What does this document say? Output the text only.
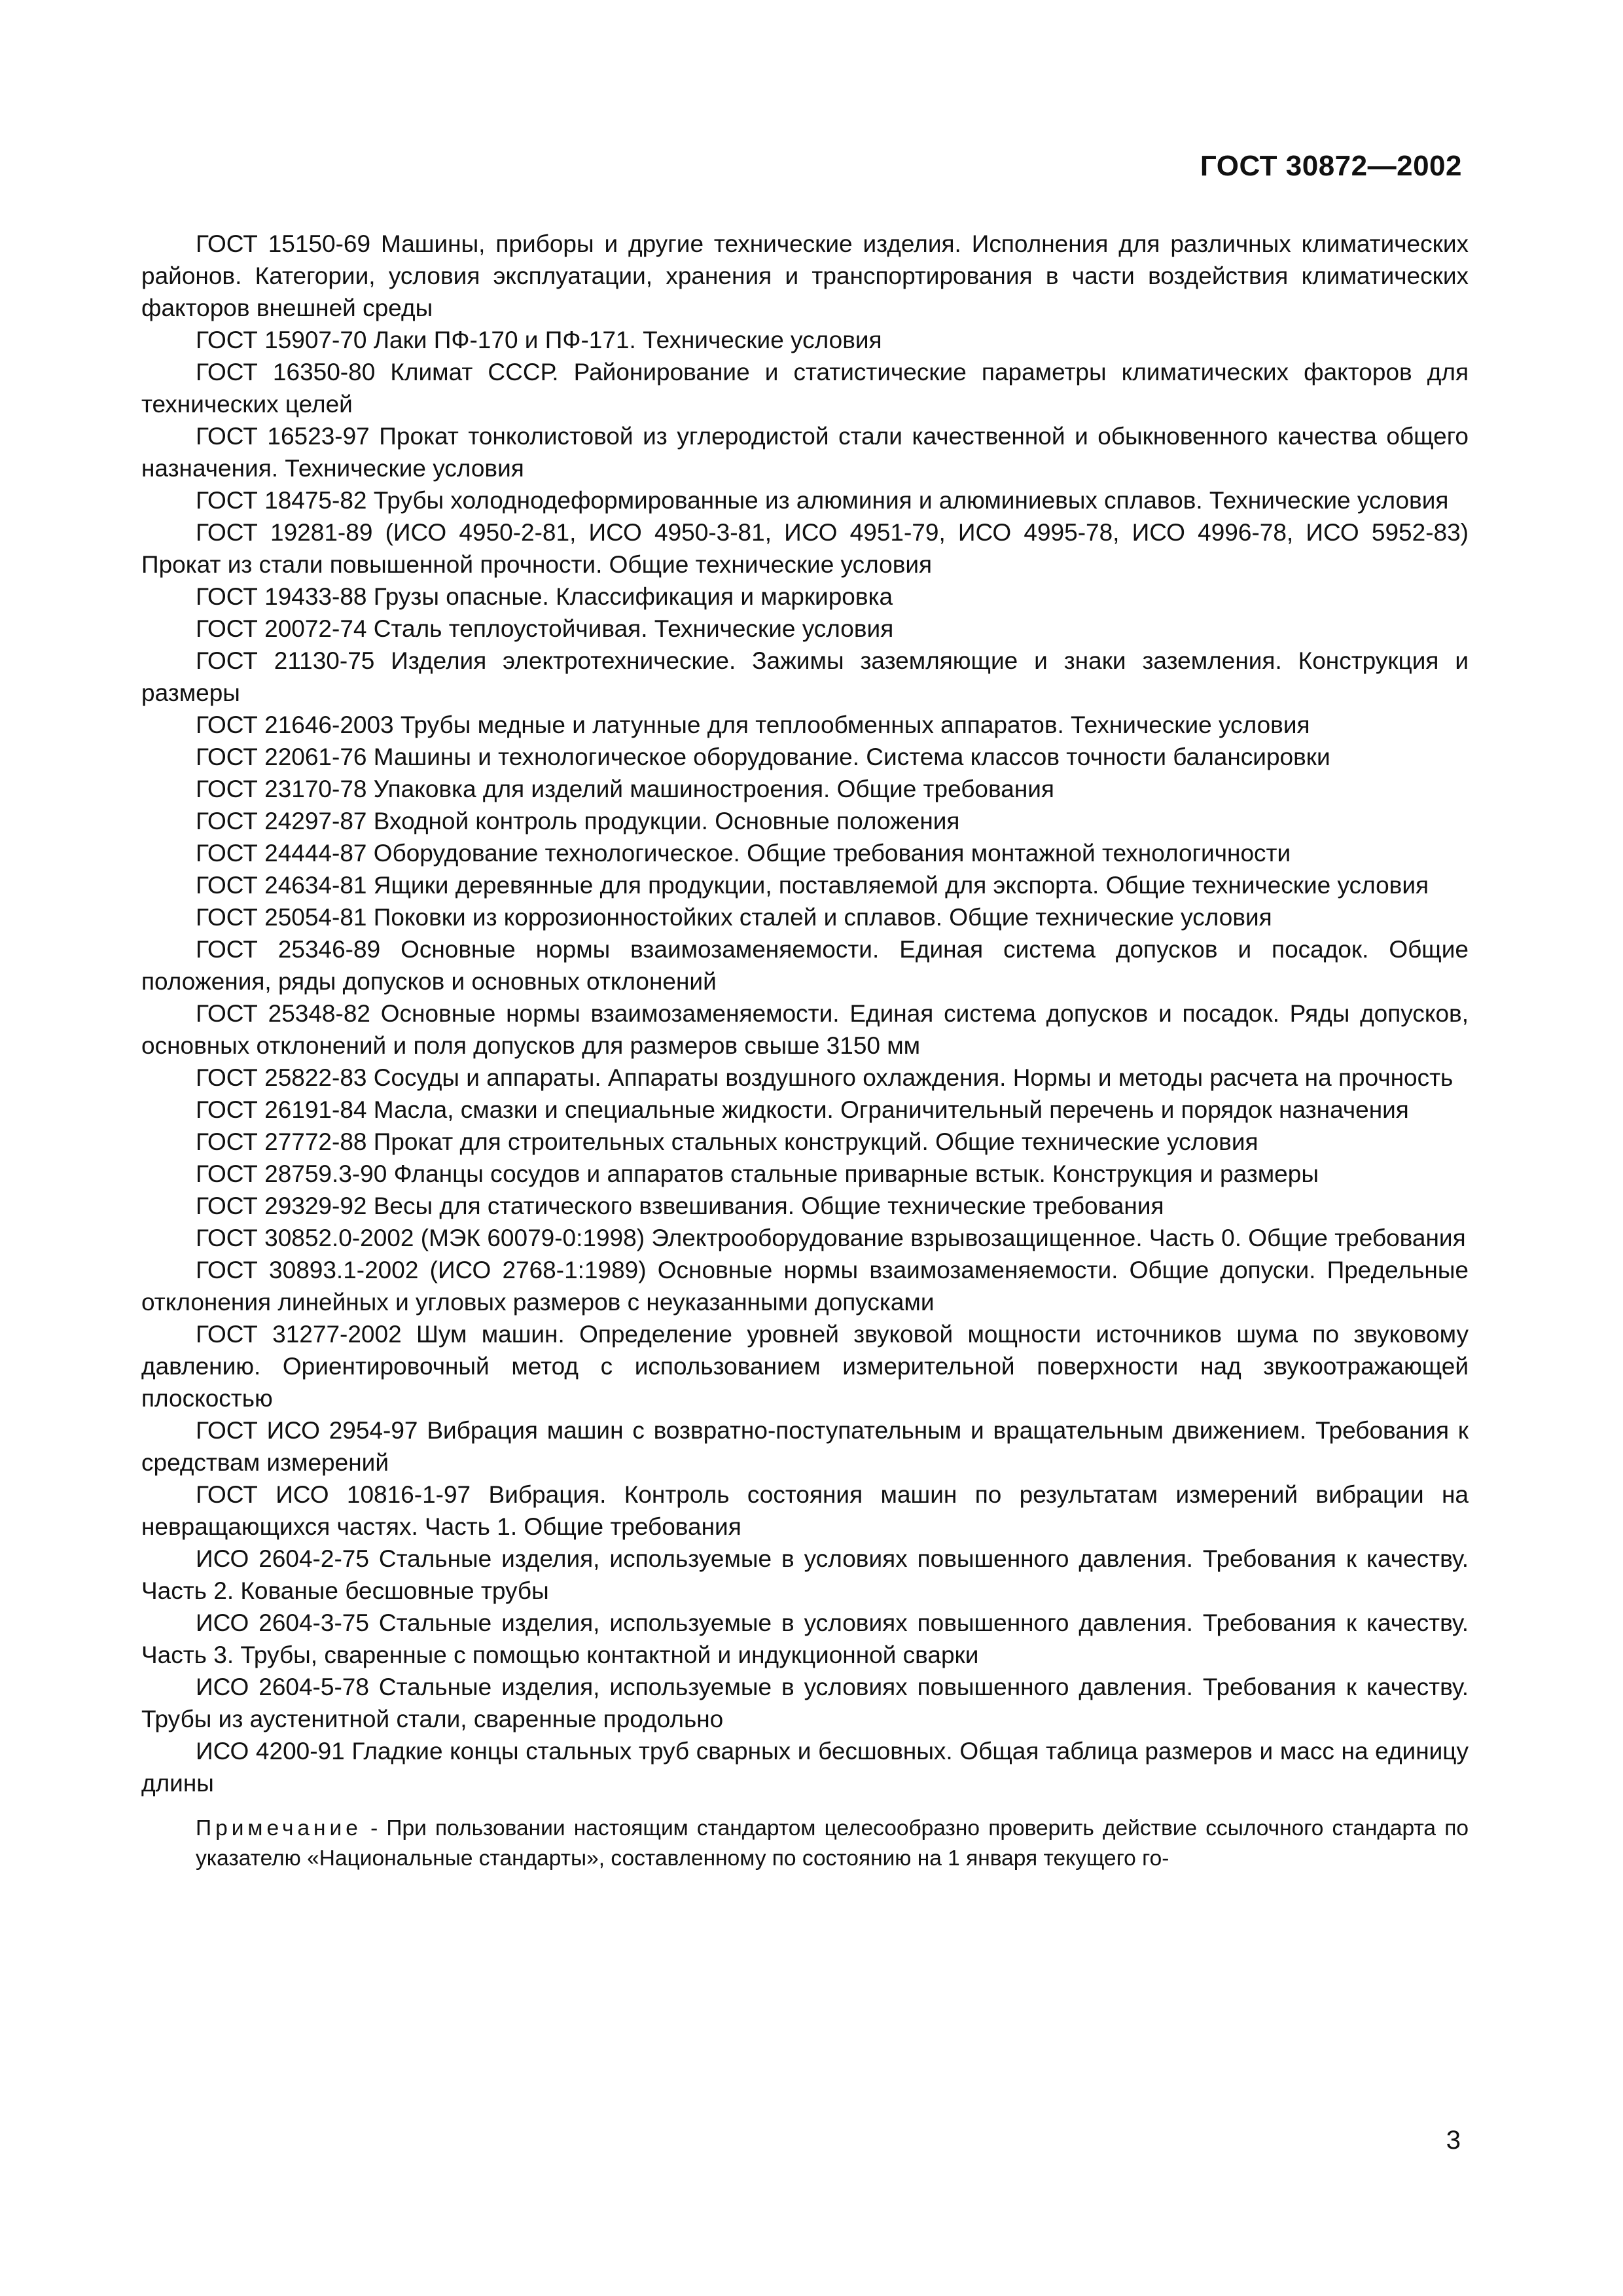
ГОСТ 30872—2002

ГОСТ 15150-69 Машины, приборы и другие технические изделия. Исполнения для различных климатических районов. Категории, условия эксплуатации, хранения и транспортирования в части воздействия климатических факторов внешней среды

ГОСТ 15907-70 Лаки ПФ-170 и ПФ-171. Технические условия

ГОСТ 16350-80 Климат СССР. Районирование и статистические параметры климатических факторов для технических целей

ГОСТ 16523-97 Прокат тонколистовой из углеродистой стали качественной и обыкновенного качества общего назначения. Технические условия

ГОСТ 18475-82 Трубы холоднодеформированные из алюминия и алюминиевых сплавов. Технические условия

ГОСТ 19281-89 (ИСО 4950-2-81, ИСО 4950-3-81, ИСО 4951-79, ИСО 4995-78, ИСО 4996-78, ИСО 5952-83) Прокат из стали повышенной прочности. Общие технические условия

ГОСТ 19433-88 Грузы опасные. Классификация и маркировка

ГОСТ 20072-74 Сталь теплоустойчивая. Технические условия

ГОСТ 21130-75 Изделия электротехнические. Зажимы заземляющие и знаки заземления. Конструкция и размеры

ГОСТ 21646-2003 Трубы медные и латунные для теплообменных аппаратов. Технические условия

ГОСТ 22061-76 Машины и технологическое оборудование. Система классов точности балансировки

ГОСТ 23170-78 Упаковка для изделий машиностроения. Общие требования

ГОСТ 24297-87 Входной контроль продукции. Основные положения

ГОСТ 24444-87 Оборудование технологическое. Общие требования монтажной технологичности

ГОСТ 24634-81 Ящики деревянные для продукции, поставляемой для экспорта. Общие технические условия

ГОСТ 25054-81 Поковки из коррозионностойких сталей и сплавов. Общие технические условия

ГОСТ 25346-89 Основные нормы взаимозаменяемости. Единая система допусков и посадок. Общие положения, ряды допусков и основных отклонений

ГОСТ 25348-82 Основные нормы взаимозаменяемости. Единая система допусков и посадок. Ряды допусков, основных отклонений и поля допусков для размеров свыше 3150 мм

ГОСТ 25822-83 Сосуды и аппараты. Аппараты воздушного охлаждения. Нормы и методы расчета на прочность

ГОСТ 26191-84 Масла, смазки и специальные жидкости. Ограничительный перечень и порядок назначения

ГОСТ 27772-88 Прокат для строительных стальных конструкций. Общие технические условия

ГОСТ 28759.3-90 Фланцы сосудов и аппаратов стальные приварные встык. Конструкция и размеры

ГОСТ 29329-92 Весы для статического взвешивания. Общие технические требования

ГОСТ 30852.0-2002 (МЭК 60079-0:1998) Электрооборудование взрывозащищенное. Часть 0. Общие требования

ГОСТ 30893.1-2002 (ИСО 2768-1:1989) Основные нормы взаимозаменяемости. Общие допуски. Предельные отклонения линейных и угловых размеров с неуказанными допусками

ГОСТ 31277-2002 Шум машин. Определение уровней звуковой мощности источников шума по звуковому давлению. Ориентировочный метод с использованием измерительной поверхности над звукоотражающей плоскостью

ГОСТ ИСО 2954-97 Вибрация машин с возвратно-поступательным и вращательным движением. Требования к средствам измерений

ГОСТ ИСО 10816-1-97 Вибрация. Контроль состояния машин по результатам измерений вибрации на невращающихся частях. Часть 1. Общие требования

ИСО 2604-2-75 Стальные изделия, используемые в условиях повышенного давления. Требования к качеству. Часть 2. Кованые бесшовные трубы

ИСО 2604-3-75 Стальные изделия, используемые в условиях повышенного давления. Требования к качеству. Часть 3. Трубы, сваренные с помощью контактной и индукционной сварки

ИСО 2604-5-78 Стальные изделия, используемые в условиях повышенного давления. Требования к качеству. Трубы из аустенитной стали, сваренные продольно

ИСО 4200-91 Гладкие концы стальных труб сварных и бесшовных. Общая таблица размеров и масс на единицу длины

Примечание - При пользовании настоящим стандартом целесообразно проверить действие ссылочного стандарта по указателю «Национальные стандарты», составленному по состоянию на 1 января текущего го-

3
